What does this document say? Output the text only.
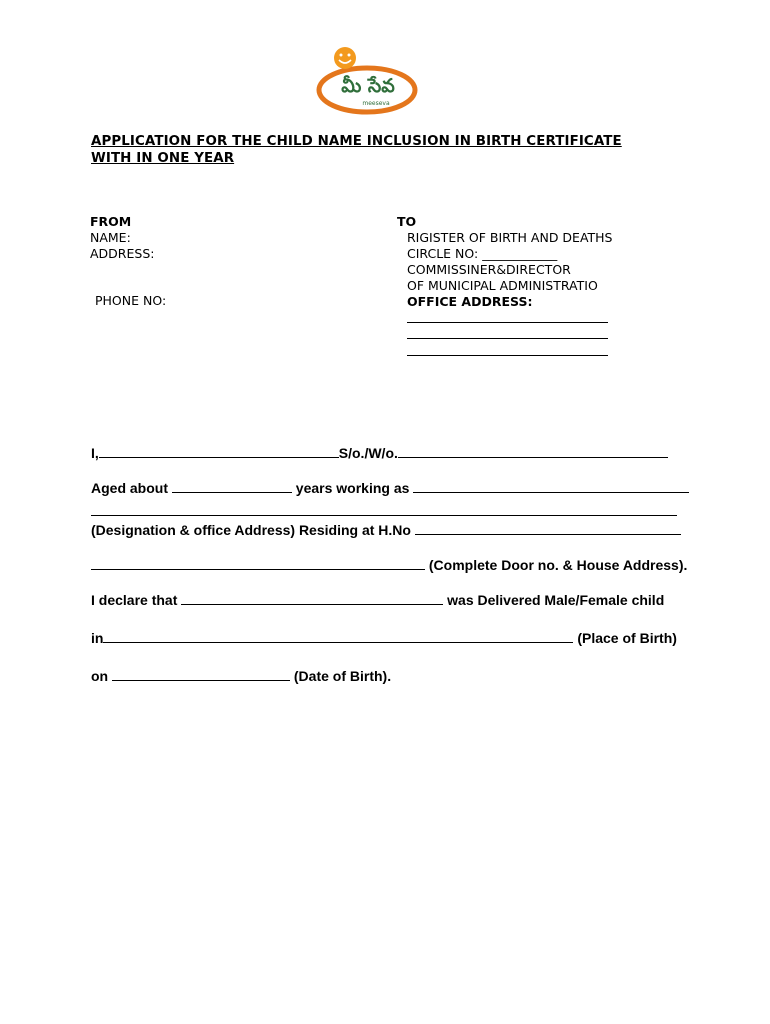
మీ సేవ
meeseva
APPLICATION FOR THE CHILD NAME INCLUSION IN BIRTH CERTIFICATE
WITH IN ONE YEAR
FROM
NAME:
ADDRESS:
PHONE NO:
TO
RIGISTER OF BIRTH AND DEATHS
CIRCLE NO: ____________
COMMISSINER&DIRECTOR
OF MUNICIPAL ADMINISTRATIO
OFFICE ADDRESS:
I,	S/o./W/o.
Aged about	years working as
(Designation & office Address) Residing at H.No
(Complete Door no. & House Address).
I declare that	was Delivered Male/Female child
in	(Place of Birth)
on	(Date of Birth).
